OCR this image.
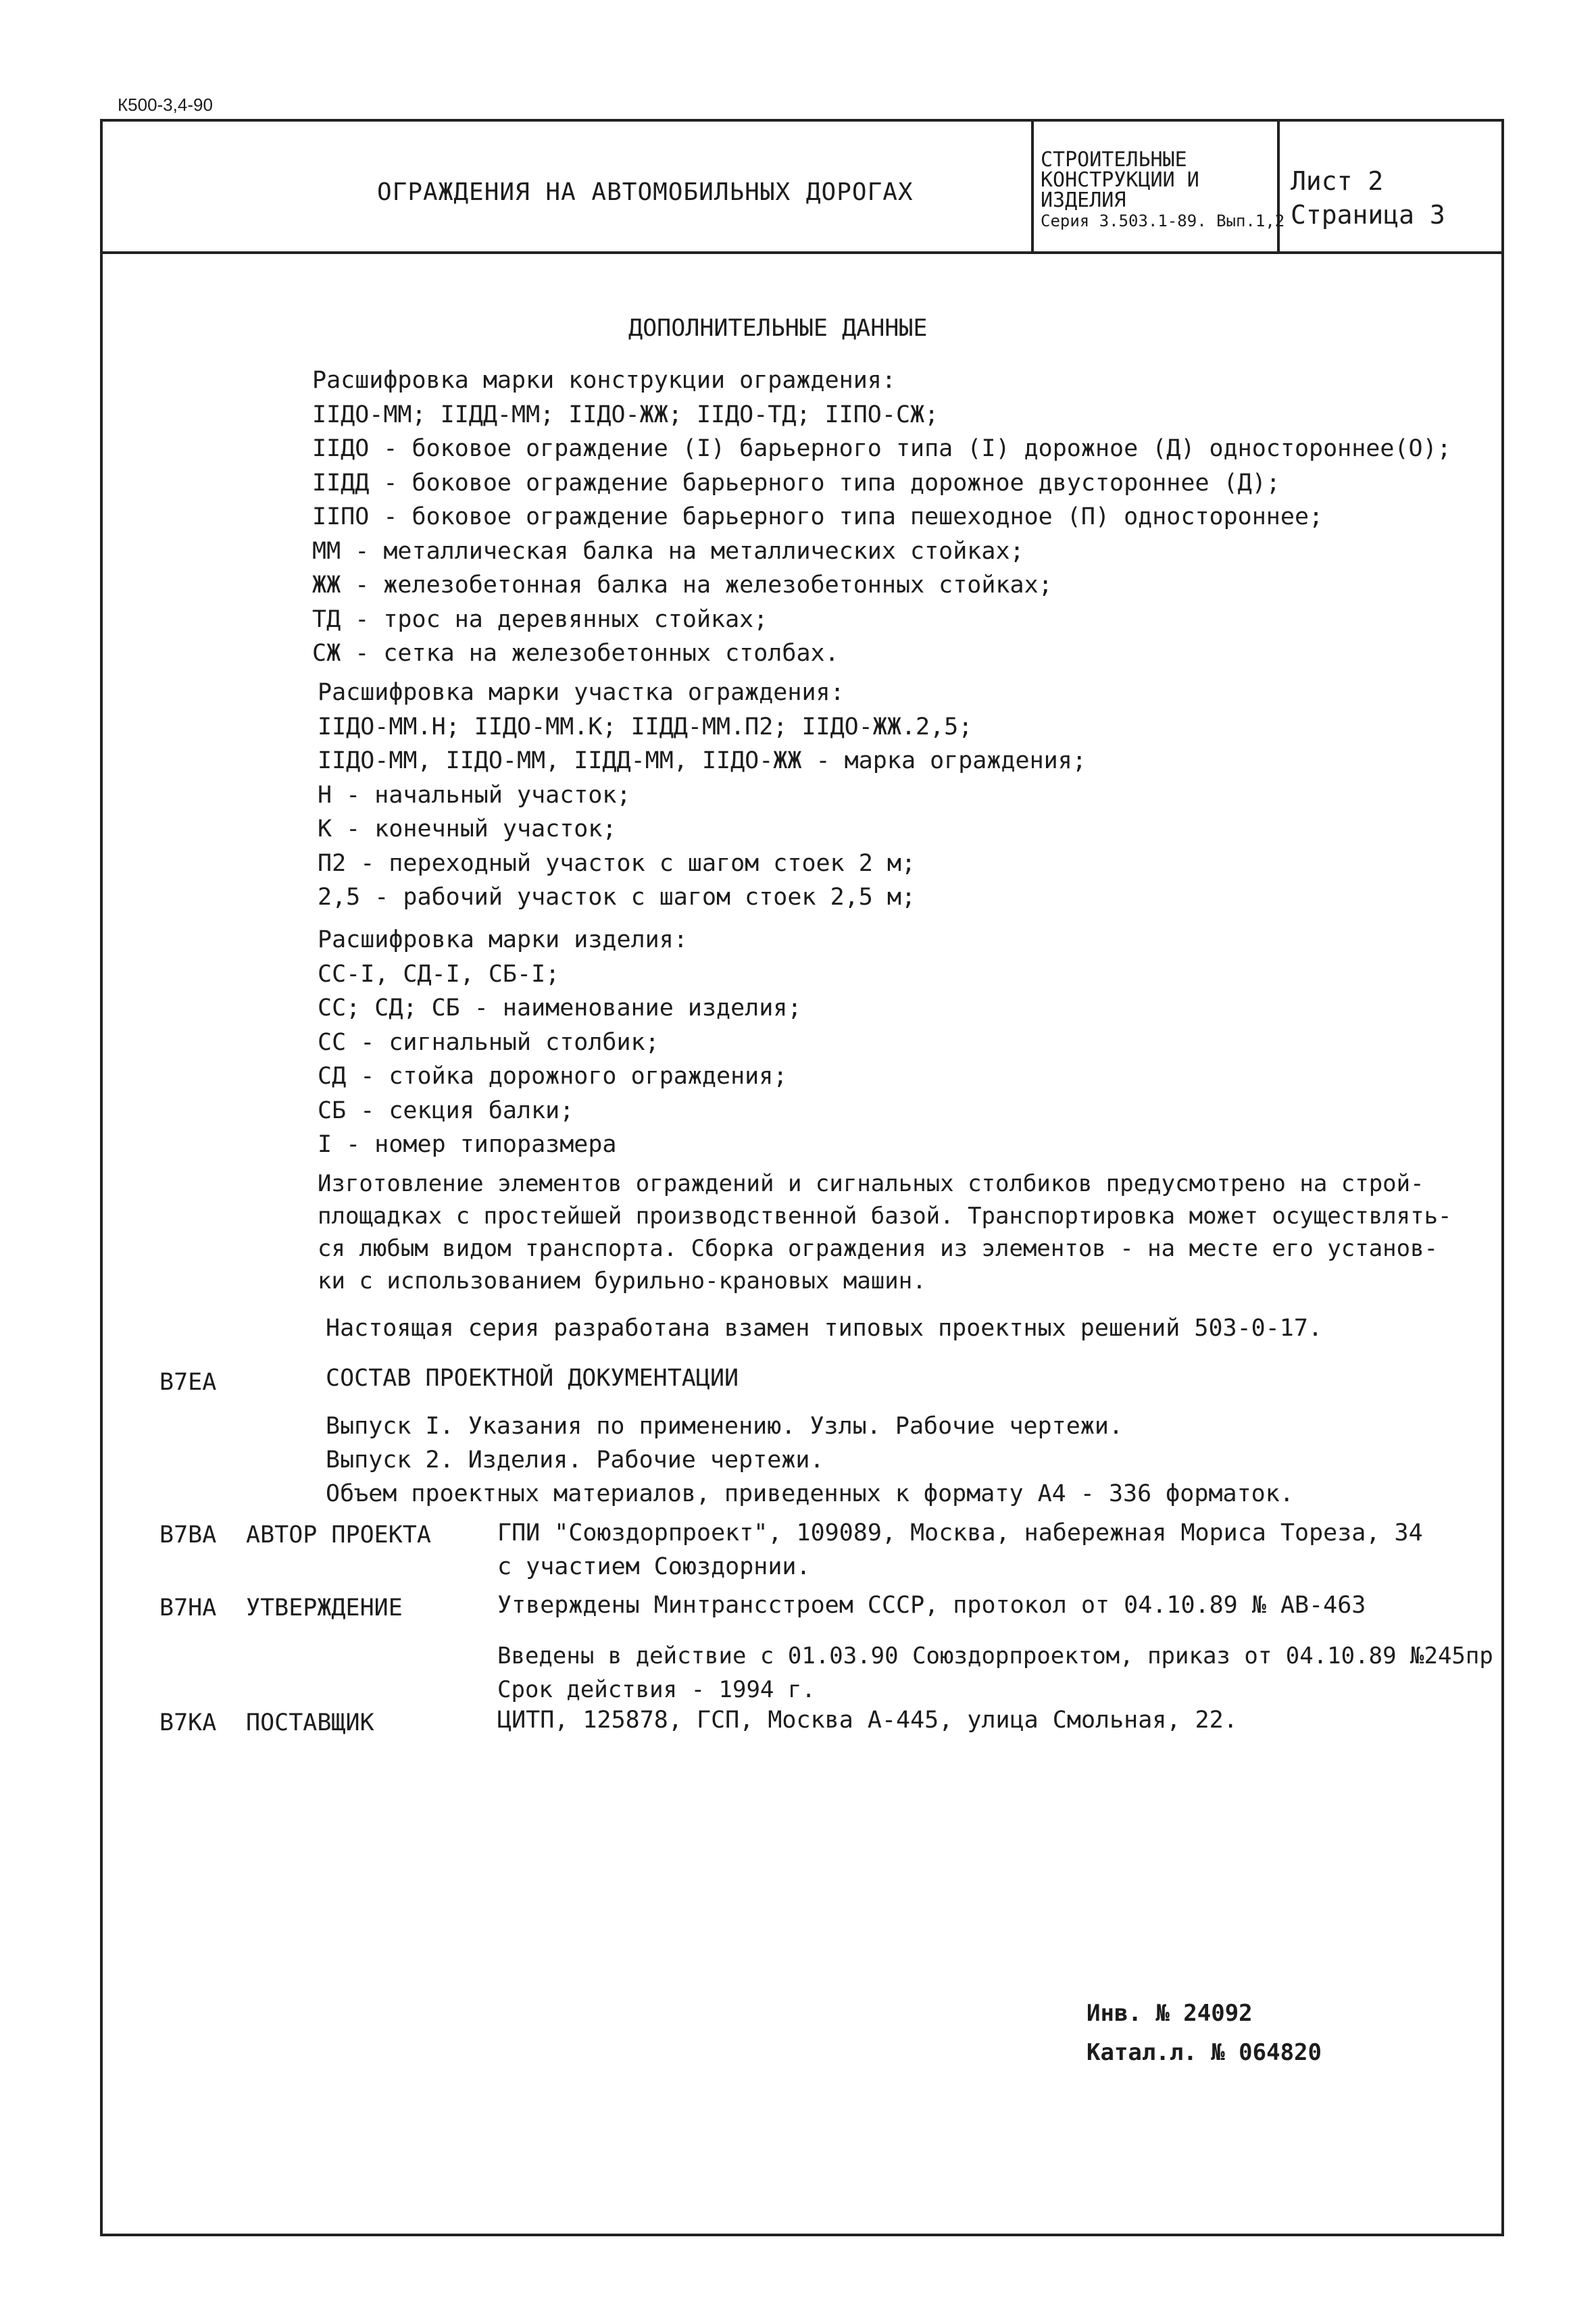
К500-3,4-90
ОГРАЖДЕНИЯ НА АВТОМОБИЛЬНЫХ ДОРОГАХ
СТРОИТЕЛЬНЫЕ
КОНСТРУКЦИИ И
ИЗДЕЛИЯ
Серия 3.503.1-89. Вып.1,2
Лист 2
Страница 3
ДОПОЛНИТЕЛЬНЫЕ ДАННЫЕ
Расшифровка марки конструкции ограждения:
IIДО-ММ; IIДД-ММ; IIДО-ЖЖ; IIДО-ТД; IIПО-СЖ;
IIДО - боковое ограждение (I) барьерного типа (I) дорожное (Д) одностороннее(О);
IIДД - боковое ограждение барьерного типа дорожное двустороннее (Д);
IIПО - боковое ограждение барьерного типа пешеходное (П) одностороннее;
ММ - металлическая балка на металлических стойках;
ЖЖ - железобетонная балка на железобетонных стойках;
ТД - трос на деревянных стойках;
СЖ - сетка на железобетонных столбах.
Расшифровка марки участка ограждения:
IIДО-ММ.Н; IIДО-ММ.К; IIДД-ММ.П2; IIДО-ЖЖ.2,5;
IIДО-ММ, IIДО-ММ, IIДД-ММ, IIДО-ЖЖ - марка ограждения;
Н - начальный участок;
К - конечный участок;
П2 - переходный участок с шагом стоек 2 м;
2,5 - рабочий участок с шагом стоек 2,5 м;
Расшифровка марки изделия:
СС-I, СД-I, СБ-I;
СС; СД; СБ - наименование изделия;
СС - сигнальный столбик;
СД - стойка дорожного ограждения;
СБ - секция балки;
I - номер типоразмера
Изготовление элементов ограждений и сигнальных столбиков предусмотрено на строй-
площадках с простейшей производственной базой. Транспортировка может осуществлять-
ся любым видом транспорта. Сборка ограждения из элементов - на месте его установ-
ки с использованием бурильно-крановых машин.
Настоящая серия разработана взамен типовых проектных решений 503-0-17.
В7ЕА	СОСТАВ ПРОЕКТНОЙ ДОКУМЕНТАЦИИ
Выпуск I. Указания по применению. Узлы. Рабочие чертежи.
Выпуск 2. Изделия. Рабочие чертежи.
Объем проектных материалов, приведенных к формату А4 - 336 форматок.
В7ВА АВТОР ПРОЕКТА	ГПИ "Союздорпроект", 109089, Москва, набережная Мориса Тореза, 34
с участием Союздорнии.
В7НА УТВЕРЖДЕНИЕ	Утверждены Минтрансстроем СССР, протокол от 04.10.89 № АВ-463
Введены в действие с 01.03.90 Союздорпроектом, приказ от 04.10.89 №245пр
Срок действия - 1994 г.
В7КА ПОСТАВЩИК	ЦИТП, 125878, ГСП, Москва А-445, улица Смольная, 22.
Инв. № 24092
Катал.л. № 064820
